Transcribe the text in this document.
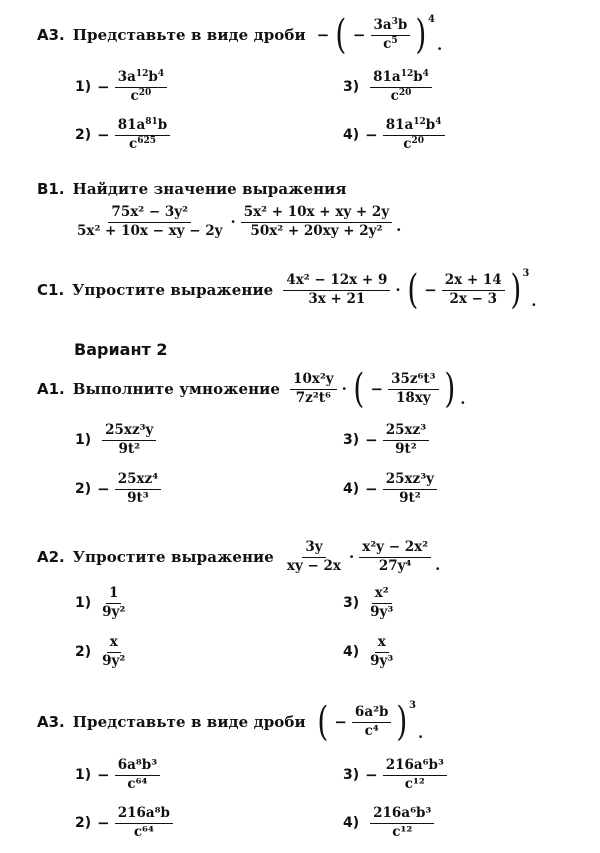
А3. Представьте в виде дроби − ( − $\frac{3a^3b}{c^5}$ ) 4
.
$1) - \frac{3a^{12}b^4}{c^{20}}$
$2) - \frac{81a^{81}b}{c^{625}}$
$3) \frac{81a^{12}b^4}{c^{20}}$
$4) - \frac{81a^{12}b^4}{c^{20}}$
B1. Найдите значение выражения
$\frac{\text{75x² − 3y²}}{\text{5x² + 10x − xy − 2y}} \cdot \frac{\text{5x² + 10x + xy + 2y}}{\text{50x² + 20xy + 2y²}}$ .
C1. Упростите выражение $\frac{\text{4x² − 12x + 9}}{3x + 21}$ · ( − $\frac{2x + 14}{2x - 3}$ ) 3
.
Вариант 2
А1. Выполните умножение $\frac{\text{10x²y}}{\text{7z²t⁶}}$ · ( − $\frac{\text{35z⁶t³}}{18xy}$ ) .
$1) \frac{\text{25xz³y}}{\text{9t²}}$
$2) - \frac{\text{25xz⁴}}{\text{9t³}}$
$3) - \frac{\text{25xz³}}{\text{9t²}}$
$4) - \frac{\text{25xz³y}}{\text{9t²}}$
А2. Упростите выражение $\frac{3y}{xy - 2x} \cdot \frac{\text{x²y − 2x²}}{\text{27y⁴}}$ .
$1) \frac{1}{\text{9y²}}$
$2) \frac{x}{\text{9y²}}$
$3) \frac{\text{x²}}{\text{9y³}}$
$4) \frac{x}{\text{9y³}}$
А3. Представьте в виде дроби ( − $\frac{\text{6a²b}}{\text{c⁴}}$ ) 3
.
$1) - \frac{\text{6a⁸b³}}{\text{c⁶⁴}}$
$2) - \frac{\text{216a⁸b}}{\text{c⁶⁴}}$
$3) - \frac{\text{216a⁶b³}}{\text{c¹²}}$
$4) \frac{\text{216a⁶b³}}{\text{c¹²}}$
